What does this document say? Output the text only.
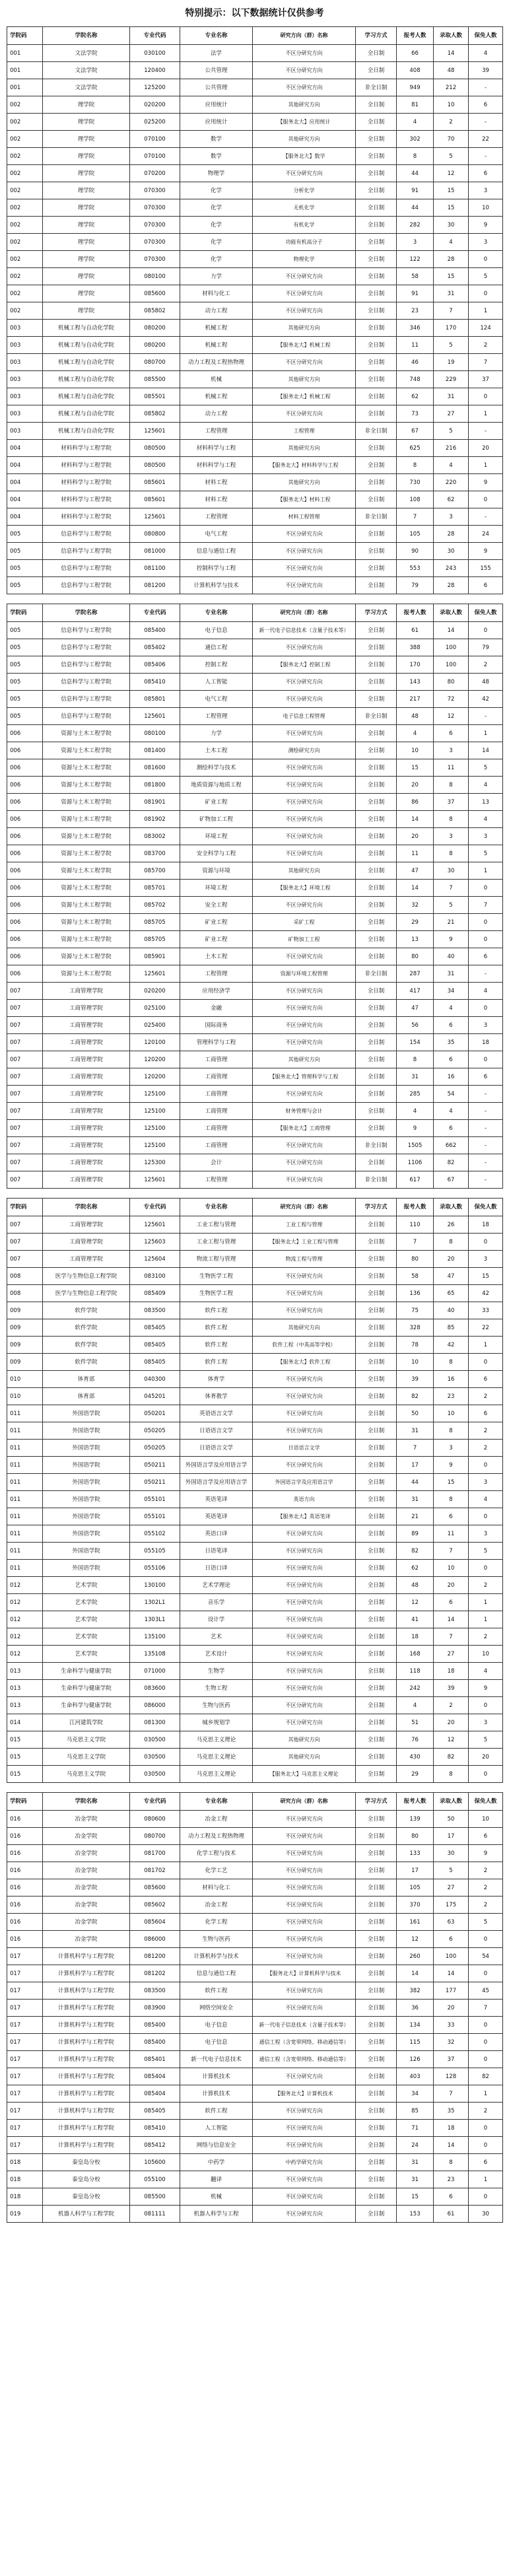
特别提示：以下数据统计仅供参考
学院码	学院名称	专业代码	专业名称	研究方向（群）名称	学习方式	报考人数	录取人数	保免人数
001	文法学院	030100	法学	不区分研究方向	全日制	66	14	4
001	文法学院	120400	公共管理	不区分研究方向	全日制	408	48	39
001	文法学院	125200	公共管理	不区分研究方向	非全日制	949	212	-
002	理学院	020200	应用统计	其他研究方向	全日制	81	10	6
002	理学院	025200	应用统计	【服务北大】应用统计	全日制	4	2	-
002	理学院	070100	数学	其他研究方向	全日制	302	70	22
002	理学院	070100	数学	【服务北大】数学	全日制	8	5	-
002	理学院	070200	物理学	不区分研究方向	全日制	44	12	6
002	理学院	070300	化学	分析化学	全日制	91	15	3
002	理学院	070300	化学	无机化学	全日制	44	15	10
002	理学院	070300	化学	有机化学	全日制	282	30	9
002	理学院	070300	化学	功能有机高分子	全日制	3	4	3
002	理学院	070300	化学	物理化学	全日制	122	28	0
002	理学院	080100	力学	不区分研究方向	全日制	58	15	5
002	理学院	085600	材料与化工	不区分研究方向	全日制	91	31	0
002	理学院	085802	动力工程	不区分研究方向	全日制	23	7	1
003	机械工程与自动化学院	080200	机械工程	其他研究方向	全日制	346	170	124
003	机械工程与自动化学院	080200	机械工程	【服务北大】机械工程	全日制	11	5	2
003	机械工程与自动化学院	080700	动力工程及工程热物理	不区分研究方向	全日制	46	19	7
003	机械工程与自动化学院	085500	机械	其他研究方向	全日制	748	229	37
003	机械工程与自动化学院	085501	机械工程	【服务北大】机械工程	全日制	62	31	0
003	机械工程与自动化学院	085802	动力工程	不区分研究方向	全日制	73	27	1
003	机械工程与自动化学院	125601	工程管理	工程管理	非全日制	67	5	-
004	材料科学与工程学院	080500	材料科学与工程	其他研究方向	全日制	625	216	20
004	材料科学与工程学院	080500	材料科学与工程	【服务北大】材料科学与工程	全日制	8	4	1
004	材料科学与工程学院	085601	材料工程	其他研究方向	全日制	730	220	9
004	材料科学与工程学院	085601	材料工程	【服务北大】材料工程	全日制	108	62	0
004	材料科学与工程学院	125601	工程管理	材料工程管理	非全日制	7	3	-
005	信息科学与工程学院	080800	电气工程	不区分研究方向	全日制	105	28	24
005	信息科学与工程学院	081000	信息与通信工程	不区分研究方向	全日制	90	30	9
005	信息科学与工程学院	081100	控制科学与工程	不区分研究方向	全日制	553	243	155
005	信息科学与工程学院	081200	计算机科学与技术	不区分研究方向	全日制	79	28	6

学院码	学院名称	专业代码	专业名称	研究方向（群）名称	学习方式	报考人数	录取人数	保免人数
005	信息科学与工程学院	085400	电子信息	新一代电子信息技术（含量子技术等）	全日制	61	14	0
005	信息科学与工程学院	085402	通信工程	不区分研究方向	全日制	388	100	79
005	信息科学与工程学院	085406	控制工程	【服务北大】控制工程	全日制	170	100	2
005	信息科学与工程学院	085410	人工智能	不区分研究方向	全日制	143	80	48
005	信息科学与工程学院	085801	电气工程	不区分研究方向	全日制	217	72	42
005	信息科学与工程学院	125601	工程管理	电子信息工程管理	非全日制	48	12	-
006	资源与土木工程学院	080100	力学	不区分研究方向	全日制	4	6	1
006	资源与土木工程学院	081400	土木工程	测绘研究方向	全日制	10	3	14
006	资源与土木工程学院	081600	测绘科学与技术	不区分研究方向	全日制	15	11	5
006	资源与土木工程学院	081800	地质资源与地质工程	不区分研究方向	全日制	20	8	4
006	资源与土木工程学院	081901	矿业工程	不区分研究方向	全日制	86	37	13
006	资源与土木工程学院	081902	矿物加工工程	不区分研究方向	全日制	14	8	4
006	资源与土木工程学院	083002	环境工程	不区分研究方向	全日制	20	3	3
006	资源与土木工程学院	083700	安全科学与工程	不区分研究方向	全日制	11	8	5
006	资源与土木工程学院	085700	资源与环境	其他研究方向	全日制	47	30	1
006	资源与土木工程学院	085701	环境工程	【服务北大】环境工程	全日制	14	7	0
006	资源与土木工程学院	085702	安全工程	不区分研究方向	全日制	32	5	7
006	资源与土木工程学院	085705	矿业工程	采矿工程	全日制	29	21	0
006	资源与土木工程学院	085705	矿业工程	矿物加工工程	全日制	13	9	0
006	资源与土木工程学院	085901	土木工程	不区分研究方向	全日制	80	40	6
006	资源与土木工程学院	125601	工程管理	资源与环境工程管理	非全日制	287	31	-
007	工商管理学院	020200	应用经济学	不区分研究方向	全日制	417	34	4
007	工商管理学院	025100	金融	不区分研究方向	全日制	47	4	0
007	工商管理学院	025400	国际商务	不区分研究方向	全日制	56	6	3
007	工商管理学院	120100	管理科学与工程	不区分研究方向	全日制	154	35	18
007	工商管理学院	120200	工商管理	其他研究方向	全日制	8	6	0
007	工商管理学院	120200	工商管理	【服务北大】管理科学与工程	全日制	31	16	6
007	工商管理学院	125100	工商管理	不区分研究方向	全日制	285	54	-
007	工商管理学院	125100	工商管理	财务管理与会计	全日制	4	4	-
007	工商管理学院	125100	工商管理	【服务北大】工商管理	全日制	9	6	-
007	工商管理学院	125100	工商管理	不区分研究方向	非全日制	1505	662	-
007	工商管理学院	125300	会计	不区分研究方向	全日制	1106	82	-
007	工商管理学院	125601	工程管理	不区分研究方向	非全日制	617	67	-

学院码	学院名称	专业代码	专业名称	研究方向（群）名称	学习方式	报考人数	录取人数	保免人数
007	工商管理学院	125601	工业工程与管理	工业工程与管理	全日制	110	26	18
007	工商管理学院	125603	工业工程与管理	【服务北大】工业工程与管理	全日制	7	8	0
007	工商管理学院	125604	物流工程与管理	物流工程与管理	全日制	80	20	3
008	医学与生物信息工程学院	083100	生物医学工程	不区分研究方向	全日制	58	47	15
008	医学与生物信息工程学院	085409	生物医学工程	不区分研究方向	全日制	136	65	42
009	软件学院	083500	软件工程	不区分研究方向	全日制	75	40	33
009	软件学院	085405	软件工程	其他研究方向	全日制	328	85	22
009	软件学院	085405	软件工程	软件工程（中英高等学校）	全日制	78	42	1
009	软件学院	085405	软件工程	【服务北大】软件工程	全日制	10	8	0
010	体育部	040300	体育学	不区分研究方向	全日制	39	16	6
010	体育部	045201	体育教学	不区分研究方向	全日制	82	23	2
011	外国语学院	050201	英语语言文学	不区分研究方向	全日制	50	10	6
011	外国语学院	050205	日语语言文学	不区分研究方向	全日制	31	8	2
011	外国语学院	050205	日语语言文学	日语语言文学	全日制	7	3	2
011	外国语学院	050211	外国语言学及应用语言学	不区分研究方向	全日制	17	9	0
011	外国语学院	050211	外国语言学及应用语言学	外国语言学及应用语言学	全日制	44	15	3
011	外国语学院	055101	英语笔译	英语方向	全日制	31	8	4
011	外国语学院	055101	英语笔译	【服务北大】英语笔译	全日制	21	6	0
011	外国语学院	055102	英语口译	不区分研究方向	全日制	89	11	3
011	外国语学院	055105	日语笔译	不区分研究方向	全日制	82	7	5
011	外国语学院	055106	日语口译	不区分研究方向	全日制	62	10	0
012	艺术学院	130100	艺术学理论	不区分研究方向	全日制	48	20	2
012	艺术学院	1302L1	音乐学	不区分研究方向	全日制	12	6	1
012	艺术学院	1303L1	设计学	不区分研究方向	全日制	41	14	1
012	艺术学院	135100	艺术	不区分研究方向	全日制	18	7	2
012	艺术学院	135108	艺术设计	不区分研究方向	全日制	168	27	10
013	生命科学与健康学院	071000	生物学	不区分研究方向	全日制	118	18	4
013	生命科学与健康学院	083600	生物工程	不区分研究方向	全日制	242	39	9
013	生命科学与健康学院	086000	生物与医药	不区分研究方向	全日制	4	2	0
014	江河建筑学院	081300	城乡规划学	不区分研究方向	全日制	51	20	3
015	马克思主义学院	030500	马克思主义理论	其他研究方向	全日制	76	12	5
015	马克思主义学院	030500	马克思主义理论	其他研究方向	全日制	430	82	20
015	马克思主义学院	030500	马克思主义理论	【服务北大】马克思主义理论	全日制	29	8	0

学院码	学院名称	专业代码	专业名称	研究方向（群）名称	学习方式	报考人数	录取人数	保免人数
016	冶金学院	080600	冶金工程	不区分研究方向	全日制	139	50	10
016	冶金学院	080700	动力工程及工程热物理	不区分研究方向	全日制	80	17	6
016	冶金学院	081700	化学工程与技术	不区分研究方向	全日制	133	30	9
016	冶金学院	081702	化学工艺	不区分研究方向	全日制	17	5	2
016	冶金学院	085600	材料与化工	不区分研究方向	全日制	105	27	2
016	冶金学院	085602	冶金工程	不区分研究方向	全日制	370	175	2
016	冶金学院	085604	化学工程	不区分研究方向	全日制	161	63	5
016	冶金学院	086000	生物与医药	不区分研究方向	全日制	12	6	0
017	计算机科学与工程学院	081200	计算机科学与技术	不区分研究方向	全日制	260	100	54
017	计算机科学与工程学院	081202	信息与通信工程	【服务北大】计算机科学与技术	全日制	14	14	0
017	计算机科学与工程学院	083500	软件工程	不区分研究方向	全日制	382	177	45
017	计算机科学与工程学院	083900	网络空间安全	不区分研究方向	全日制	36	20	7
017	计算机科学与工程学院	085400	电子信息	新一代电子信息技术（含量子技术等）	全日制	134	33	0
017	计算机科学与工程学院	085400	电子信息	通信工程（含宽带网络、移动通信等）	全日制	115	32	0
017	计算机科学与工程学院	085401	新一代电子信息技术	通信工程（含宽带网络、移动通信等）	全日制	126	37	0
017	计算机科学与工程学院	085404	计算机技术	不区分研究方向	全日制	403	128	82
017	计算机科学与工程学院	085404	计算机技术	【服务北大】计算机技术	全日制	34	7	1
017	计算机科学与工程学院	085405	软件工程	不区分研究方向	全日制	85	35	2
017	计算机科学与工程学院	085410	人工智能	不区分研究方向	全日制	71	18	0
017	计算机科学与工程学院	085412	网络与信息安全	不区分研究方向	全日制	24	14	0
018	秦皇岛分校	105600	中药学	中药学研究方向	全日制	31	8	6
018	秦皇岛分校	055100	翻译	不区分研究方向	全日制	31	23	1
018	秦皇岛分校	085500	机械	不区分研究方向	全日制	15	6	0
019	机器人科学与工程学院	081111	机器人科学与工程	不区分研究方向	全日制	153	61	30
